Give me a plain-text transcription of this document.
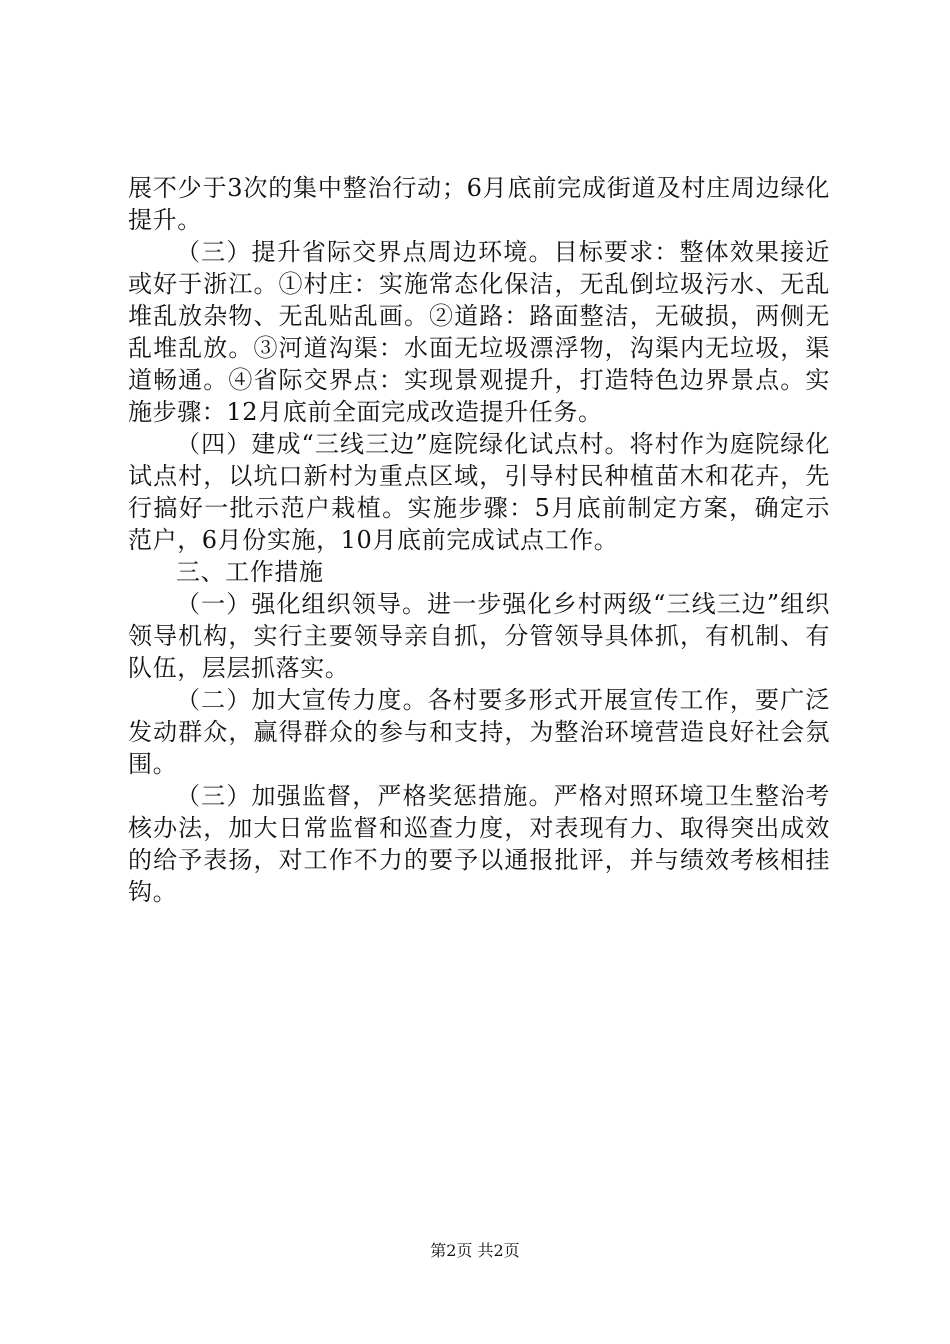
展不少于3次的集中整治行动；6月底前完成街道及村庄周边绿化提升。

（三）提升省际交界点周边环境。目标要求：整体效果接近或好于浙江。①村庄：实施常态化保洁，无乱倒垃圾污水、无乱堆乱放杂物、无乱贴乱画。②道路：路面整洁，无破损，两侧无乱堆乱放。③河道沟渠：水面无垃圾漂浮物，沟渠内无垃圾，渠道畅通。④省际交界点：实现景观提升，打造特色边界景点。实施步骤：12月底前全面完成改造提升任务。

（四）建成“三线三边”庭院绿化试点村。将村作为庭院绿化试点村，以坑口新村为重点区域，引导村民种植苗木和花卉，先行搞好一批示范户栽植。实施步骤：5月底前制定方案，确定示范户，6月份实施，10月底前完成试点工作。

三、工作措施

（一）强化组织领导。进一步强化乡村两级“三线三边”组织领导机构，实行主要领导亲自抓，分管领导具体抓，有机制、有队伍，层层抓落实。

（二）加大宣传力度。各村要多形式开展宣传工作，要广泛发动群众，赢得群众的参与和支持，为整治环境营造良好社会氛围。

（三）加强监督，严格奖惩措施。严格对照环境卫生整治考核办法，加大日常监督和巡查力度，对表现有力、取得突出成效的给予表扬，对工作不力的要予以通报批评，并与绩效考核相挂钩。

第2页 共2页
